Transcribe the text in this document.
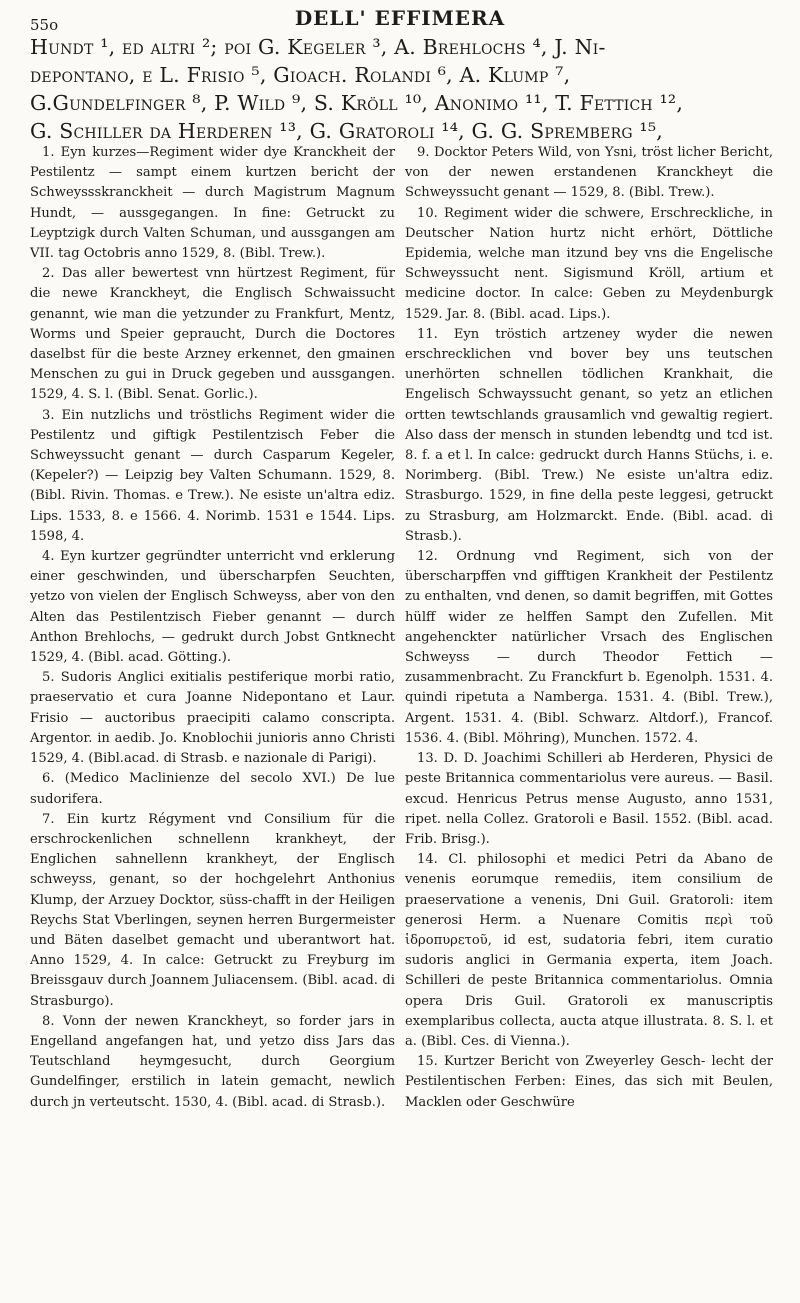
55o	DELL' EFFIMERA

Hundt ¹, ed altri ²; poi G. Kegeler ³, A. Brehlochs ⁴, J. Ni-

depontano, e L. Frisio ⁵, Gioach. Rolandi ⁶, A. Klump ⁷,

G.Gundelfinger ⁸, P. Wild ⁹, S. Kröll ¹⁰, Anonimo ¹¹, T. Fettich ¹²,

G. Schiller da Herderen ¹³, G. Gratoroli ¹⁴, G. G. Spremberg ¹⁵,

1. Eyn kurzes—Regiment wider dye Kranckheit der Pestilentz — sampt einem kurtzen bericht der Schweyssskranckheit — durch Magistrum Magnum Hundt, — aussgegangen. In fine: Getruckt zu Leyptzigk durch Valten Schuman, und aussgangen am VII. tag Octobris anno 1529, 8. (Bibl. Trew.).

2. Das aller bewertest vnn hürtzest Regiment, für die newe Kranckheyt, die Englisch Schwaissucht genannt, wie man die yetzunder zu Frankfurt, Mentz, Worms und Speier gepraucht, Durch die Doctores daselbst für die beste Arzney erkennet, den gmainen Menschen zu gui in Druck gegeben und aussgangen. 1529, 4. S. l. (Bibl. Senat. Gorlic.).

3. Ein nutzlichs und tröstlichs Regiment wider die Pestilentz und giftigk Pestilentzisch Feber die Schweyssucht genant — durch Casparum Kegeler, (Kepeler?) — Leipzig bey Valten Schumann. 1529, 8. (Bibl. Rivin. Thomas. e Trew.). Ne esiste un'altra ediz. Lips. 1533, 8. e 1566. 4. Norimb. 1531 e 1544. Lips. 1598, 4.

4. Eyn kurtzer gegründter unterricht vnd erklerung einer geschwinden, und überscharpfen Seuchten, yetzo von vielen der Englisch Schweyss, aber von den Alten das Pestilentzisch Fieber genannt — durch Anthon Brehlochs, — gedrukt durch Jobst Gntknecht 1529, 4. (Bibl. acad. Götting.).

5. Sudoris Anglici exitialis pestiferique morbi ratio, praeservatio et cura Joanne Nidepontano et Laur. Frisio — auctoribus praecipiti calamo conscripta. Argentor. in aedib. Jo. Knoblochii junioris anno Christi 1529, 4. (Bibl.acad. di Strasb. e nazionale di Parigi).

6. (Medico Maclinienze del secolo XVI.) De lue sudorifera.

7. Ein kurtz Régyment vnd Consilium für die erschrockenlichen schnellenn krankheyt, der Englichen sahnellenn krankheyt, der Englisch schweyss, genant, so der hochgelehrt Anthonius Klump, der Arzuey Docktor, süss-chafft in der Heiligen Reychs Stat Vberlingen, seynen herren Burgermeister und Bäten daselbet gemacht und uberantwort hat. Anno 1529, 4. In calce: Getruckt zu Freyburg im Breissgauv durch Joannem Juliacensem. (Bibl. acad. di Strasburgo).

8. Vonn der newen Kranckheyt, so forder jars in Engelland angefangen hat, und yetzo diss Jars das Teutschland heymgesucht, durch Georgium Gundelfinger, erstilich in latein gemacht, newlich durch jn verteutscht. 1530, 4. (Bibl. acad. di Strasb.).

9. Docktor Peters Wild, von Ysni, tröst licher Bericht, von der newen erstandenen Kranckheyt die Schweyssucht genant — 1529, 8. (Bibl. Trew.).

10. Regiment wider die schwere, Erschreckliche, in Deutscher Nation hurtz nicht erhört, Döttliche Epidemia, welche man itzund bey vns die Engelische Schweyssucht nent. Sigismund Kröll, artium et medicine doctor. In calce: Geben zu Meydenburgk 1529. Jar. 8. (Bibl. acad. Lips.).

11. Eyn tröstich artzeney wyder die newen erschrecklichen vnd bover bey uns teutschen unerhörten schnellen tödlichen Krankhait, die Engelisch Schwayssucht genant, so yetz an etlichen ortten tewtschlands grausamlich vnd gewaltig regiert. Also dass der mensch in stunden lebendtg und tcd ist. 8. f. a et l. In calce: gedruckt durch Hanns Stüchs, i. e. Norimberg. (Bibl. Trew.) Ne esiste un'altra ediz. Strasburgo. 1529, in fine della peste leggesi, getruckt zu Strasburg, am Holzmarckt. Ende. (Bibl. acad. di Strasb.).

12. Ordnung vnd Regiment, sich von der überscharpffen vnd gifftigen Krankheit der Pestilentz zu enthalten, vnd denen, so damit begriffen, mit Gottes hülff wider ze helffen Sampt den Zufellen. Mit angehenckter natürlicher Vrsach des Englischen Schweyss — durch Theodor Fettich — zusammenbracht. Zu Franckfurt b. Egenolph. 1531. 4. quindi ripetuta a Namberga. 1531. 4. (Bibl. Trew.), Argent. 1531. 4. (Bibl. Schwarz. Altdorf.), Francof. 1536. 4. (Bibl. Möhring), Munchen. 1572. 4.

13. D. D. Joachimi Schilleri ab Herderen, Physici de peste Britannica commentariolus vere aureus. — Basil. excud. Henricus Petrus mense Augusto, anno 1531, ripet. nella Collez. Gratoroli e Basil. 1552. (Bibl. acad. Frib. Brisg.).

14. Cl. philosophi et medici Petri da Abano de venenis eorumque remediis, item consilium de praeservatione a venenis, Dni Guil. Gratoroli: item generosi Herm. a Nuenare Comitis περὶ τοῦ ἱδροπυρετοῦ, id est, sudatoria febri, item curatio sudoris anglici in Germania experta, item Joach. Schilleri de peste Britannica commentariolus. Omnia opera Dris Guil. Gratoroli ex manuscriptis exemplaribus collecta, aucta atque illustrata. 8. S. l. et a. (Bibl. Ces. di Vienna.).

15. Kurtzer Bericht von Zweyerley Gesch- lecht der Pestilentischen Ferben: Eines, das sich mit Beulen, Macklen oder Geschwüre
